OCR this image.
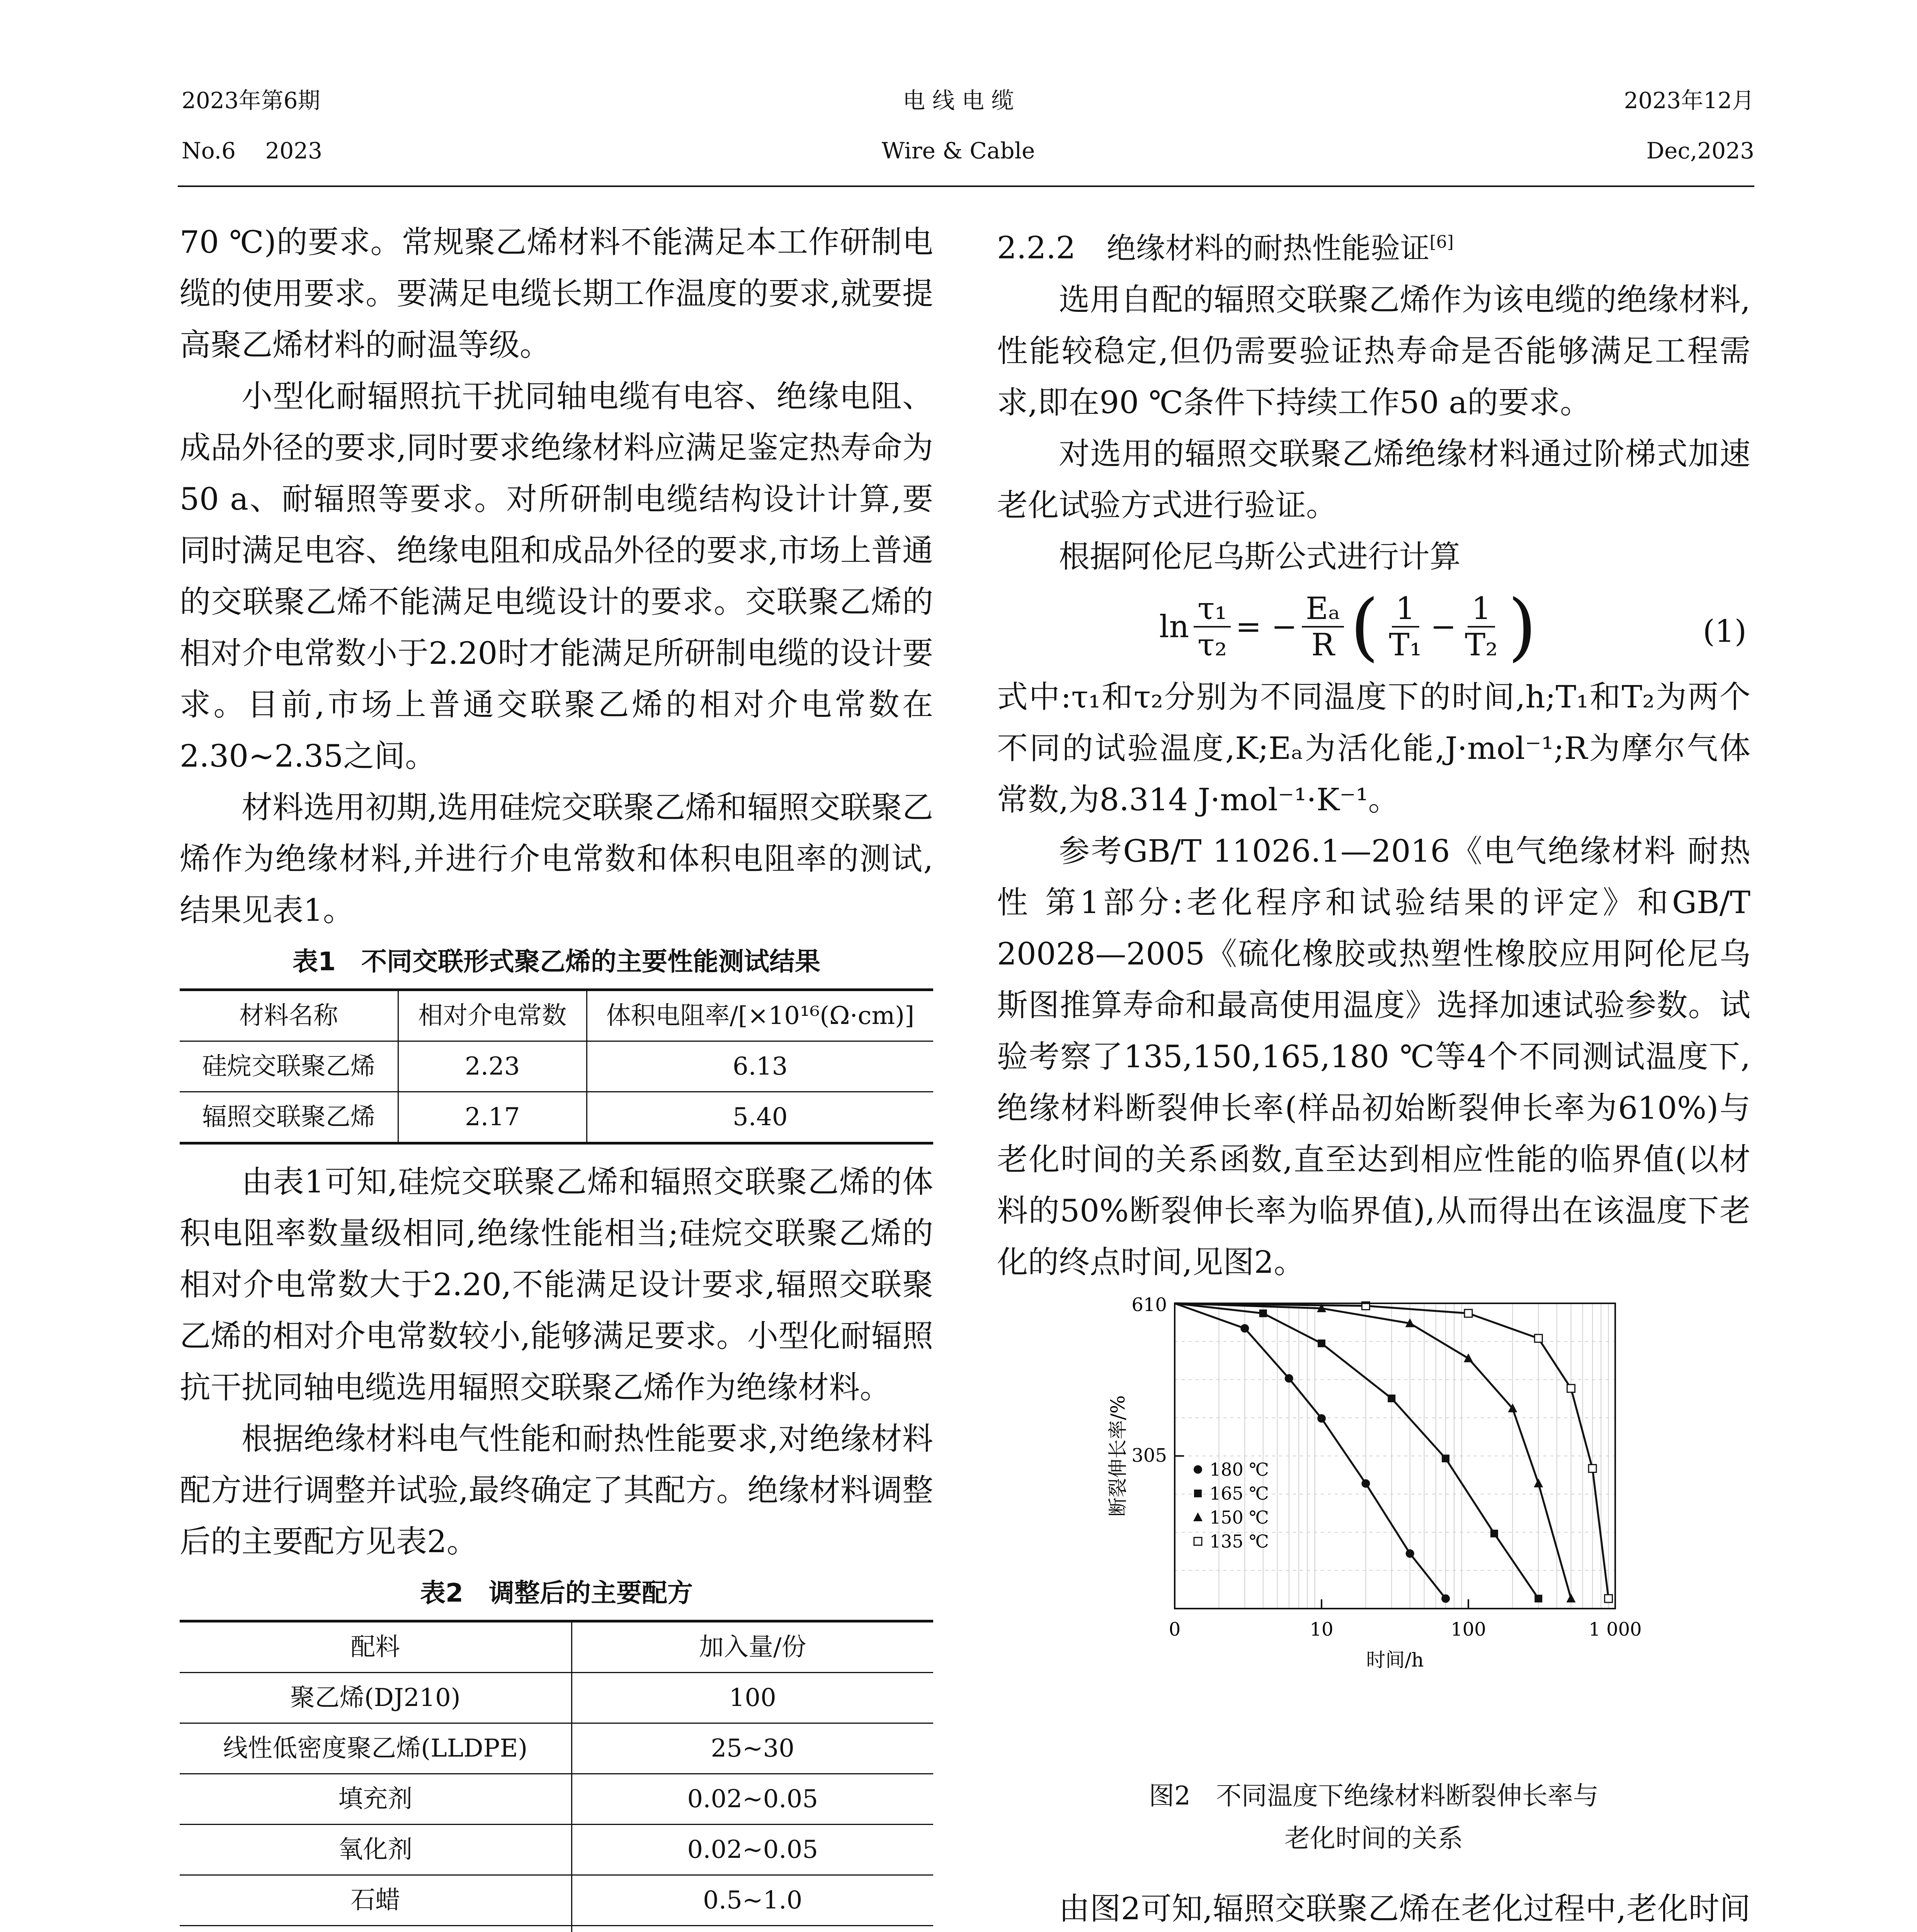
2023年第6期
No.6　 2023
电 线 电 缆
Wire & Cable
2023年12月
Dec,2023

70 ℃)的要求。常规聚乙烯材料不能满足本工作研制电缆的使用要求。要满足电缆长期工作温度的要求,就要提高聚乙烯材料的耐温等级。

小型化耐辐照抗干扰同轴电缆有电容、绝缘电阻、成品外径的要求,同时要求绝缘材料应满足鉴定热寿命为50 a、耐辐照等要求。对所研制电缆结构设计计算,要同时满足电容、绝缘电阻和成品外径的要求,市场上普通的交联聚乙烯不能满足电缆设计的要求。交联聚乙烯的相对介电常数小于2.20时才能满足所研制电缆的设计要求。目前,市场上普通交联聚乙烯的相对介电常数在2.30~2.35之间。

材料选用初期,选用硅烷交联聚乙烯和辐照交联聚乙烯作为绝缘材料,并进行介电常数和体积电阻率的测试,结果见表1。

表1　不同交联形式聚乙烯的主要性能测试结果
材料名称	相对介电常数	体积电阻率/[×10¹⁶(Ω·cm)]
硅烷交联聚乙烯	2.23	6.13
辐照交联聚乙烯	2.17	5.40

由表1可知,硅烷交联聚乙烯和辐照交联聚乙烯的体积电阻率数量级相同,绝缘性能相当;硅烷交联聚乙烯的相对介电常数大于2.20,不能满足设计要求,辐照交联聚乙烯的相对介电常数较小,能够满足要求。小型化耐辐照抗干扰同轴电缆选用辐照交联聚乙烯作为绝缘材料。

根据绝缘材料电气性能和耐热性能要求,对绝缘材料配方进行调整并试验,最终确定了其配方。绝缘材料调整后的主要配方见表2。

表2　调整后的主要配方
配料	加入量/份
聚乙烯(DJ210)	100
线性低密度聚乙烯(LLDPE)	25~30
填充剂	0.02~0.05
氧化剂	0.02~0.05
石蜡	0.5~1.0

2.2.2　 绝缘材料的耐热性能验证[6]

选用自配的辐照交联聚乙烯作为该电缆的绝缘材料,性能较稳定,但仍需要验证热寿命是否能够满足工程需求,即在90 ℃条件下持续工作50 a的要求。

对选用的辐照交联聚乙烯绝缘材料通过阶梯式加速老化试验方式进行验证。

根据阿伦尼乌斯公式进行计算

$\ln \frac{\text{τ₁}}{\text{τ₂}}$ = − $\frac{\text{Eₐ}}{R}$ ( $\frac{1}{\text{T₁}} - \frac{1}{\text{T₂}}$ )	(1)

式中:τ₁和τ₂分别为不同温度下的时间,h;T₁和T₂为两个不同的试验温度,K;Eₐ为活化能,J·mol⁻¹;R为摩尔气体常数,为8.314 J·mol⁻¹·K⁻¹。

参考GB/T 11026.1—2016《电气绝缘材料 耐热性 第1部分:老化程序和试验结果的评定》和GB/T 20028—2005《硫化橡胶或热塑性橡胶应用阿伦尼乌斯图推算寿命和最高使用温度》选择加速试验参数。试验考察了135,150,165,180 ℃等4个不同测试温度下,绝缘材料断裂伸长率(样品初始断裂伸长率为610%)与老化时间的关系函数,直至达到相应性能的临界值(以材料的50%断裂伸长率为临界值),从而得出在该温度下老化的终点时间,见图2。

610
305
0	10	100	1 000
时间/h
断裂伸长率/%	180 ℃
165 ℃
150 ℃
135 ℃
图2　不同温度下绝缘材料断裂伸长率与
老化时间的关系

由图2可知,辐照交联聚乙烯在老化过程中,老化时间
